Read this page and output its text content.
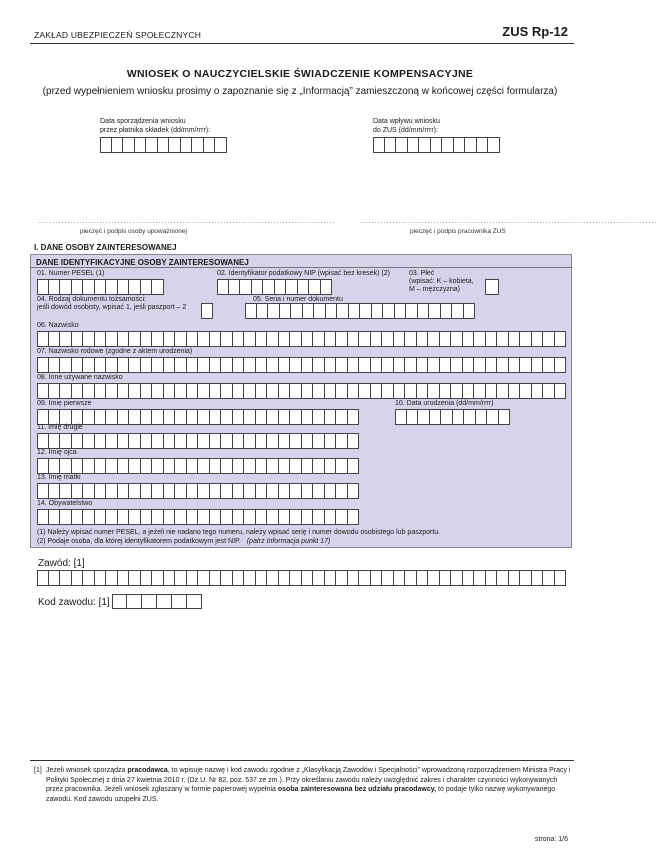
ZAKŁAD UBEZPIECZEŃ SPOŁECZNYCH	ZUS Rp-12
WNIOSEK O NAUCZYCIELSKIE ŚWIADCZENIE KOMPENSACYJNE
(przed wypełnieniem wniosku prosimy o zapoznanie się z „Informacją” zamieszczoną w końcowej części formularza)
Data sporządzenia wniosku
przez płatnika składek (dd/mm/rrrr):
Data wpływu wniosku
do ZUS (dd/mm/rrrr):
.....................................................................................................
pieczęć i podpis osoby upoważnionej
.....................................................................................................
pieczęć i podpis pracownika ZUS
I. DANE OSOBY ZAINTERESOWANEJ
DANE IDENTYFIKACYJNE OSOBY ZAINTERESOWANEJ
01. Numer PESEL (1)	02. Identyfikator podatkowy NIP (wpisać bez kresek) (2)	03. Płeć
(wpisać: K – kobieta,
M – mężczyzna)
04. Rodzaj dokumentu tożsamości:
jeśli dowód osobisty, wpisać 1, jeśli paszport – 2
05. Seria i numer dokumentu
06. Nazwisko
07. Nazwisko rodowe (zgodne z aktem urodzenia)
08. Inne używane nazwisko
09. Imię pierwsze	10. Data urodzenia (dd/mm/rrrr)
11. Imię drugie
12. Imię ojca
13. Imię matki
14. Obywatelstwo
(1) Należy wpisać numer PESEL, a jeżeli nie nadano tego numeru, należy wpisać serię i numer dowodu osobistego lub paszportu.
(2) Podaje osoba, dla której identyfikatorem podatkowym jest NIP. (patrz Informacja punkt 17)
Zawód: [1]
Kod zawodu: [1]
[1] Jeżeli wniosek sporządza pracodawca, to wpisuje nazwę i kod zawodu zgodnie z „Klasyfikacją Zawodów i Specjalności” wprowadzoną rozporządzeniem Ministra Pracy i Polityki Społecznej z dnia 27 kwietnia 2010 r. (Dz.U. Nr 82, poz. 537 ze zm.). Przy określaniu zawodu należy uwzględnić zakres i charakter czynności wykonywanych przez pracownika. Jeżeli wniosek zgłaszany w formie papierowej wypełnia osoba zainteresowana bez udziału pracodawcy, to podaje tylko nazwę wykonywanego zawodu. Kod zawodu uzupełni ZUS.
strona: 1/6
